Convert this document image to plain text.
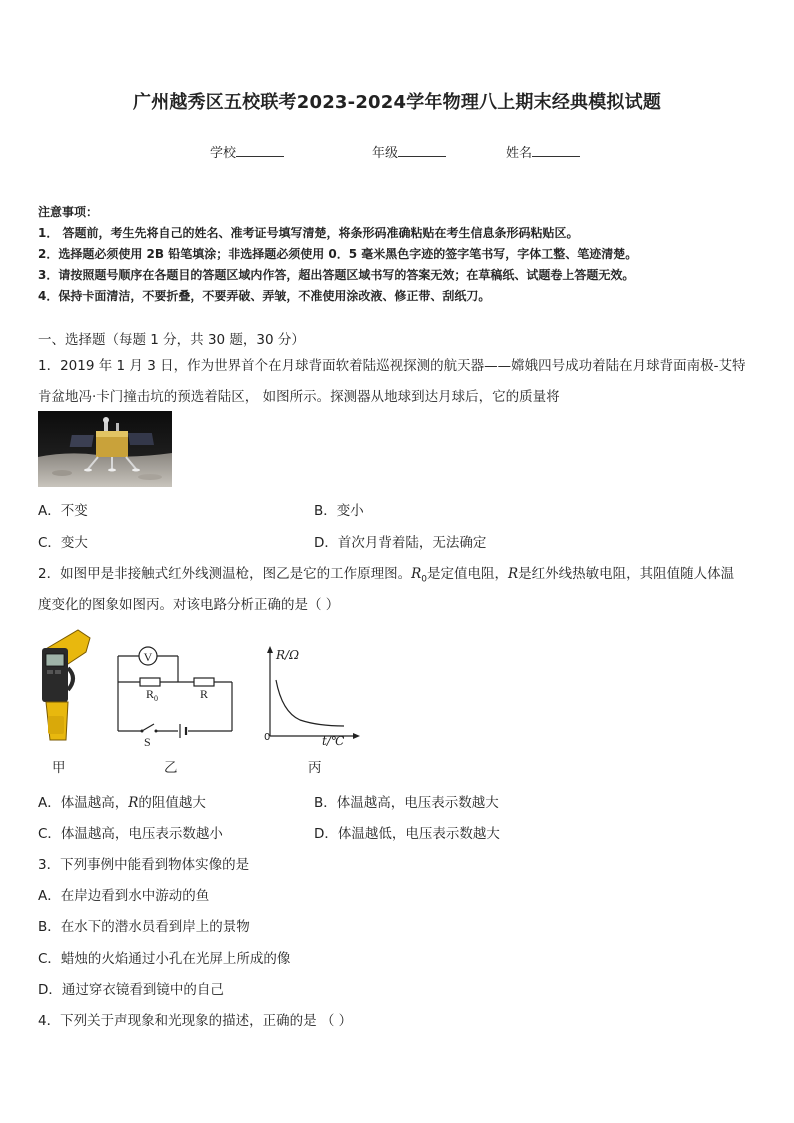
广州越秀区五校联考2023-2024学年物理八上期末经典模拟试题
学校	年级	姓名
注意事项：
1． 答题前，考生先将自己的姓名、准考证号填写清楚，将条形码准确粘贴在考生信息条形码粘贴区。
2．选择题必须使用 2B 铅笔填涂；非选择题必须使用 0．5 毫米黑色字迹的签字笔书写，字体工整、笔迹清楚。
3．请按照题号顺序在各题目的答题区域内作答，超出答题区域书写的答案无效；在草稿纸、试题卷上答题无效。
4．保持卡面清洁，不要折叠，不要弄破、弄皱，不准使用涂改液、修正带、刮纸刀。
一、选择题（每题 1 分，共 30 题，30 分）
1．2019 年 1 月 3 日，作为世界首个在月球背面软着陆巡视探测的航天器——嫦娥四号成功着陆在月球背面南极-艾特
肯盆地冯·卡门撞击坑的预选着陆区， 如图所示。探测器从地球到达月球后，它的质量将
A．不变	B．变小
C．变大	D．首次月背着陆，无法确定
2．如图甲是非接触式红外线测温枪，图乙是它的工作原理图。$R_0$是定值电阻，R是红外线热敏电阻，其阻值随人体温
度变化的图象如图丙。对该电路分析正确的是（ ）
V
$R_0$	R
S
R/Ω
0	t/℃
甲	乙	丙
A．体温越高，R的阻值越大	B．体温越高，电压表示数越大
C．体温越高，电压表示数越小	D．体温越低，电压表示数越大
3．下列事例中能看到物体实像的是
A．在岸边看到水中游动的鱼
B．在水下的潜水员看到岸上的景物
C．蜡烛的火焰通过小孔在光屏上所成的像
D．通过穿衣镜看到镜中的自己
4．下列关于声现象和光现象的描述，正确的是 （ ）
